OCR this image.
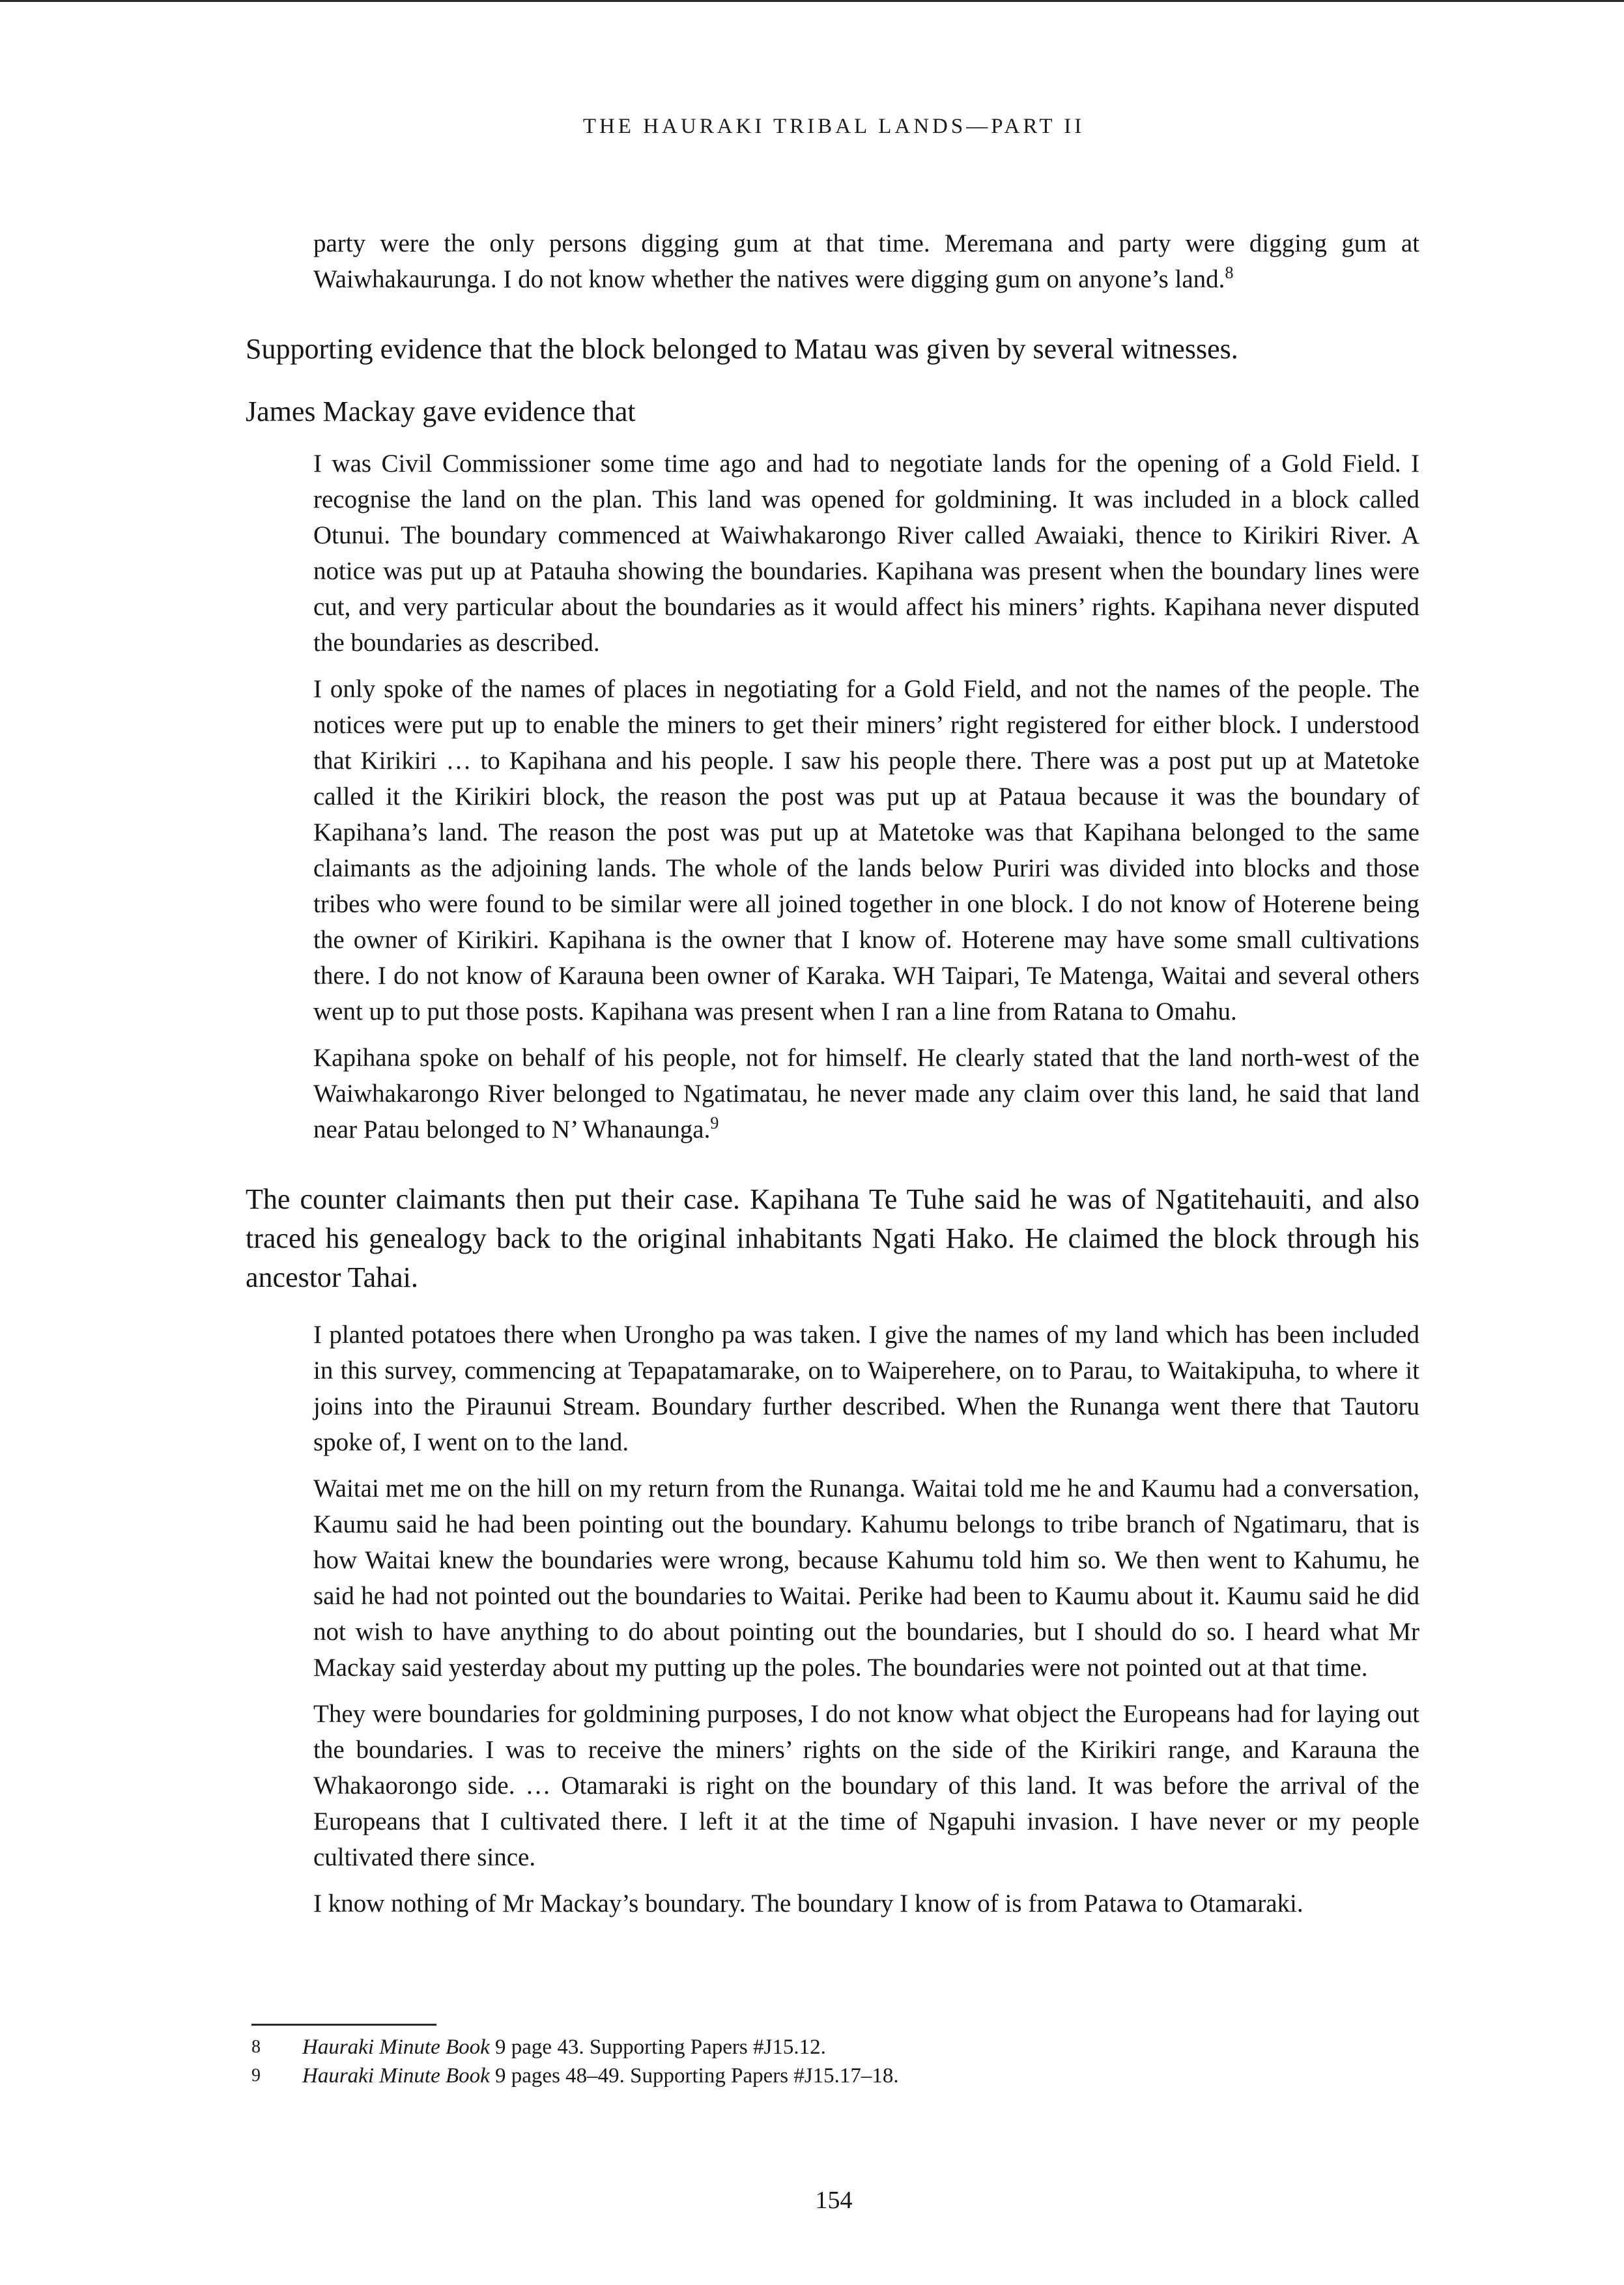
THE HAURAKI TRIBAL LANDS—PART II

party were the only persons digging gum at that time. Meremana and party were digging gum at Waiwhakaurunga. I do not know whether the natives were digging gum on anyone’s land.$^8$

Supporting evidence that the block belonged to Matau was given by several witnesses.

James Mackay gave evidence that

I was Civil Commissioner some time ago and had to negotiate lands for the opening of a Gold Field. I recognise the land on the plan. This land was opened for goldmining. It was included in a block called Otunui. The boundary commenced at Waiwhakarongo River called Awaiaki, thence to Kirikiri River. A notice was put up at Patauha showing the boundaries. Kapihana was present when the boundary lines were cut, and very particular about the boundaries as it would affect his miners’ rights. Kapihana never disputed the boundaries as described.

I only spoke of the names of places in negotiating for a Gold Field, and not the names of the people. The notices were put up to enable the miners to get their miners’ right registered for either block. I understood that Kirikiri … to Kapihana and his people. I saw his people there. There was a post put up at Matetoke called it the Kirikiri block, the reason the post was put up at Pataua because it was the boundary of Kapihana’s land. The reason the post was put up at Matetoke was that Kapihana belonged to the same claimants as the adjoining lands. The whole of the lands below Puriri was divided into blocks and those tribes who were found to be similar were all joined together in one block. I do not know of Hoterene being the owner of Kirikiri. Kapihana is the owner that I know of. Hoterene may have some small cultivations there. I do not know of Karauna been owner of Karaka. WH Taipari, Te Matenga, Waitai and several others went up to put those posts. Kapihana was present when I ran a line from Ratana to Omahu.

Kapihana spoke on behalf of his people, not for himself. He clearly stated that the land north-west of the Waiwhakarongo River belonged to Ngatimatau, he never made any claim over this land, he said that land near Patau belonged to N’ Whanaunga.$^9$

The counter claimants then put their case. Kapihana Te Tuhe said he was of Ngatitehauiti, and also traced his genealogy back to the original inhabitants Ngati Hako. He claimed the block through his ancestor Tahai.

I planted potatoes there when Urongho pa was taken. I give the names of my land which has been included in this survey, commencing at Tepapatamarake, on to Waiperehere, on to Parau, to Waitakipuha, to where it joins into the Piraunui Stream. Boundary further described. When the Runanga went there that Tautoru spoke of, I went on to the land.

Waitai met me on the hill on my return from the Runanga. Waitai told me he and Kaumu had a conversation, Kaumu said he had been pointing out the boundary. Kahumu belongs to tribe branch of Ngatimaru, that is how Waitai knew the boundaries were wrong, because Kahumu told him so. We then went to Kahumu, he said he had not pointed out the boundaries to Waitai. Perike had been to Kaumu about it. Kaumu said he did not wish to have anything to do about pointing out the boundaries, but I should do so. I heard what Mr Mackay said yesterday about my putting up the poles. The boundaries were not pointed out at that time.

They were boundaries for goldmining purposes, I do not know what object the Europeans had for laying out the boundaries. I was to receive the miners’ rights on the side of the Kirikiri range, and Karauna the Whakaorongo side. … Otamaraki is right on the boundary of this land. It was before the arrival of the Europeans that I cultivated there. I left it at the time of Ngapuhi invasion. I have never or my people cultivated there since.

I know nothing of Mr Mackay’s boundary. The boundary I know of is from Patawa to Otamaraki.

8	Hauraki Minute Book 9 page 43. Supporting Papers #J15.12.
9	Hauraki Minute Book 9 pages 48–49. Supporting Papers #J15.17–18.
154
